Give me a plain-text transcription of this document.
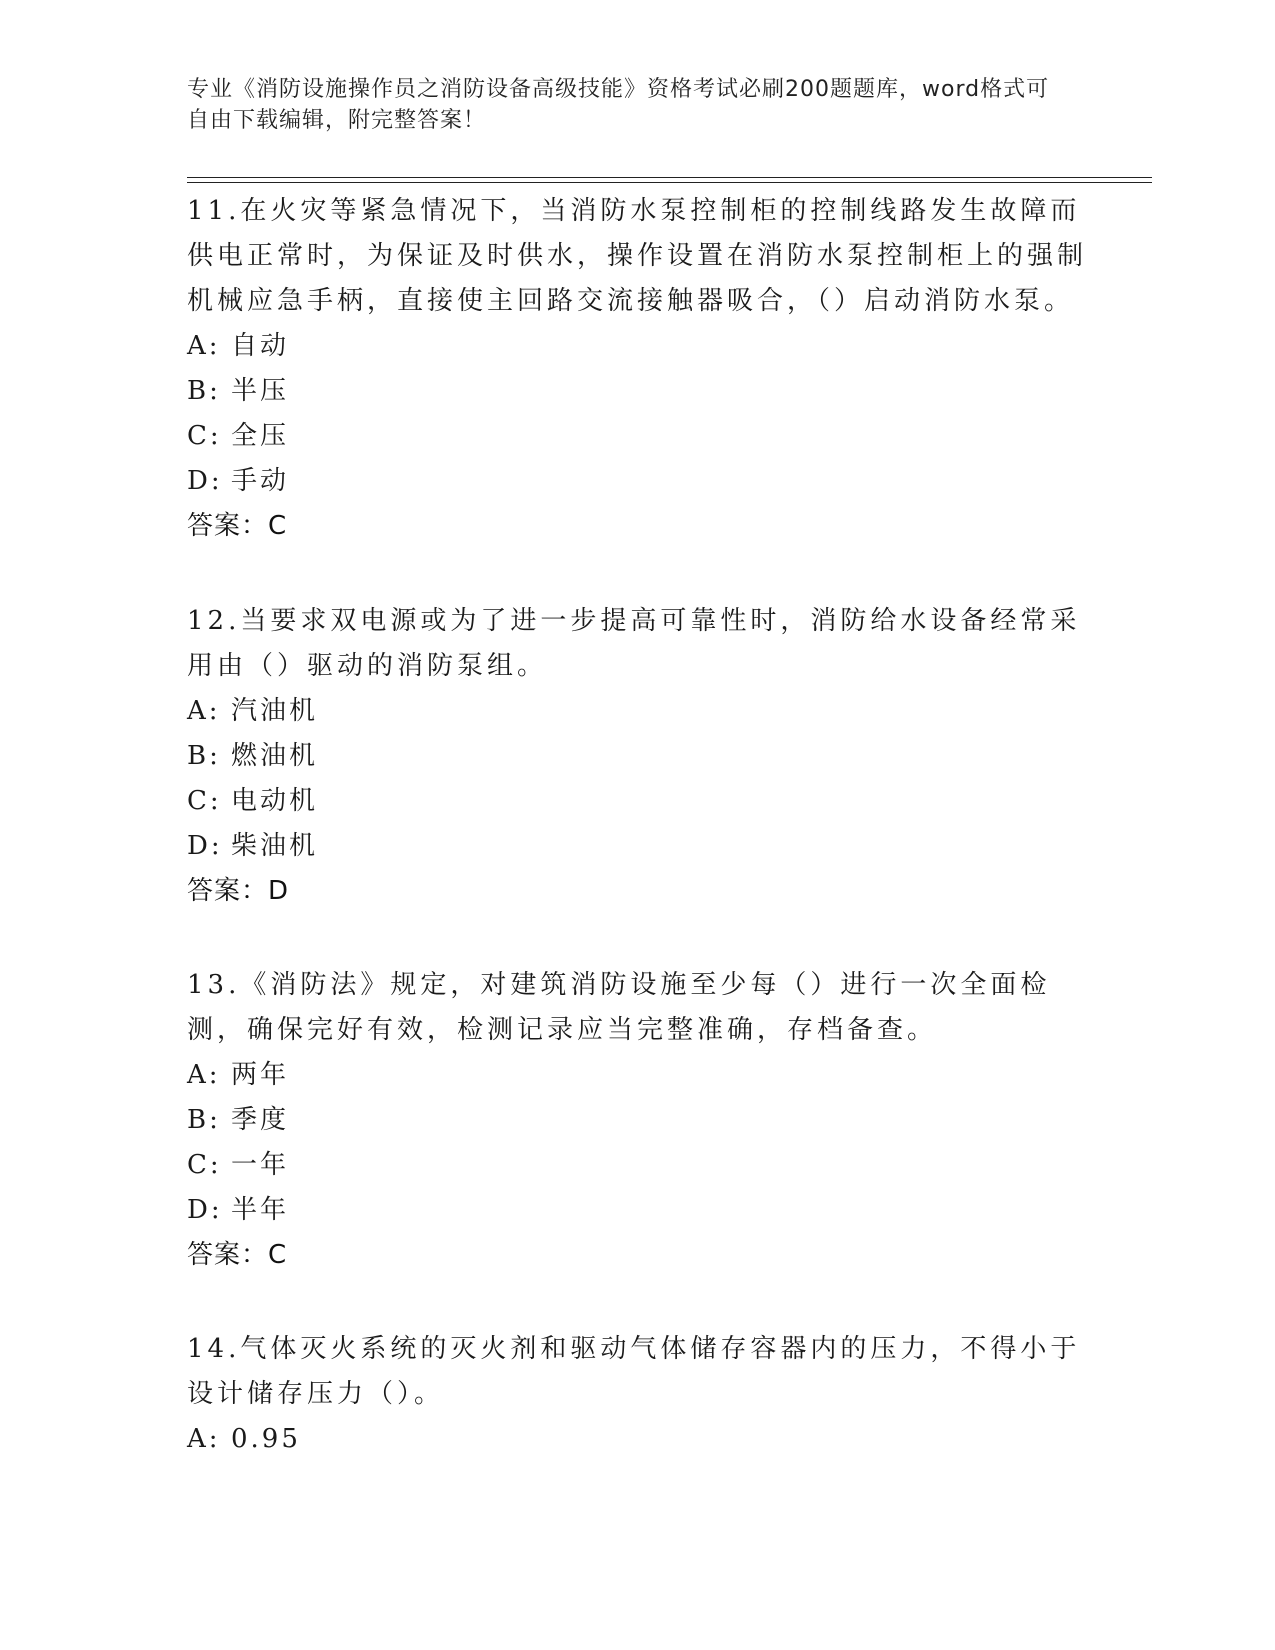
专业《消防设施操作员之消防设备高级技能》资格考试必刷200题题库，word格式可自由下载编辑，附完整答案！
11.在火灾等紧急情况下，当消防水泵控制柜的控制线路发生故障而供电正常时，为保证及时供水，操作设置在消防水泵控制柜上的强制机械应急手柄，直接使主回路交流接触器吸合，（）启动消防水泵。
A: 自动
B: 半压
C: 全压
D: 手动
答案：C
12.当要求双电源或为了进一步提高可靠性时，消防给水设备经常采用由（）驱动的消防泵组。
A: 汽油机
B: 燃油机
C: 电动机
D: 柴油机
答案：D
13.《消防法》规定，对建筑消防设施至少每（）进行一次全面检测，确保完好有效，检测记录应当完整准确，存档备查。
A: 两年
B: 季度
C: 一年
D: 半年
答案：C
14.气体灭火系统的灭火剂和驱动气体储存容器内的压力，不得小于设计储存压力（）。
A: 0.95
